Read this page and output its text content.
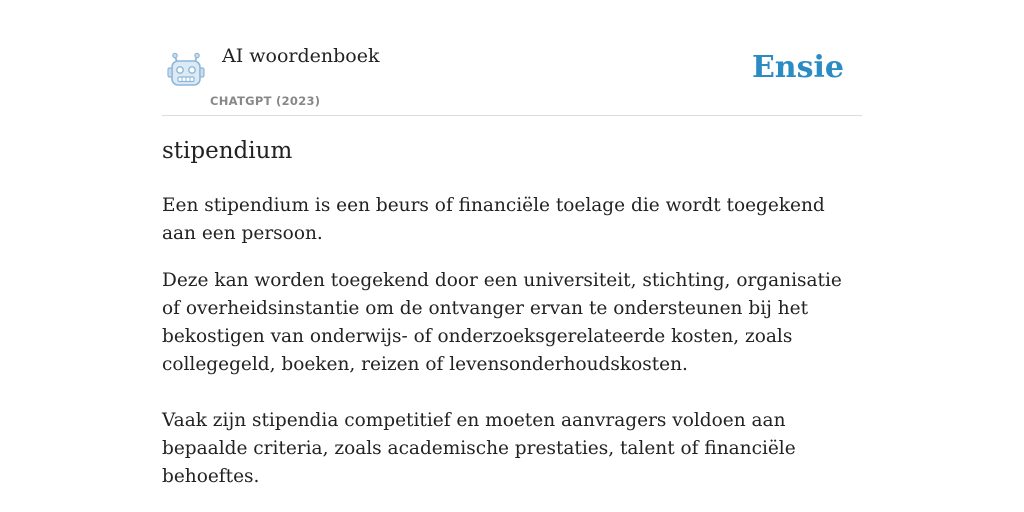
AI woordenboek
CHATGPT (2023)
Ensie
stipendium

Een stipendium is een beurs of financiële toelage die wordt toegekend aan een persoon.

Deze kan worden toegekend door een universiteit, stichting, organisatie of overheidsinstantie om de ontvanger ervan te ondersteunen bij het bekostigen van onderwijs- of onderzoeksgerelateerde kosten, zoals collegegeld, boeken, reizen of levensonderhoudskosten.

Vaak zijn stipendia competitief en moeten aanvragers voldoen aan bepaalde criteria, zoals academische prestaties, talent of financiële behoeftes.
